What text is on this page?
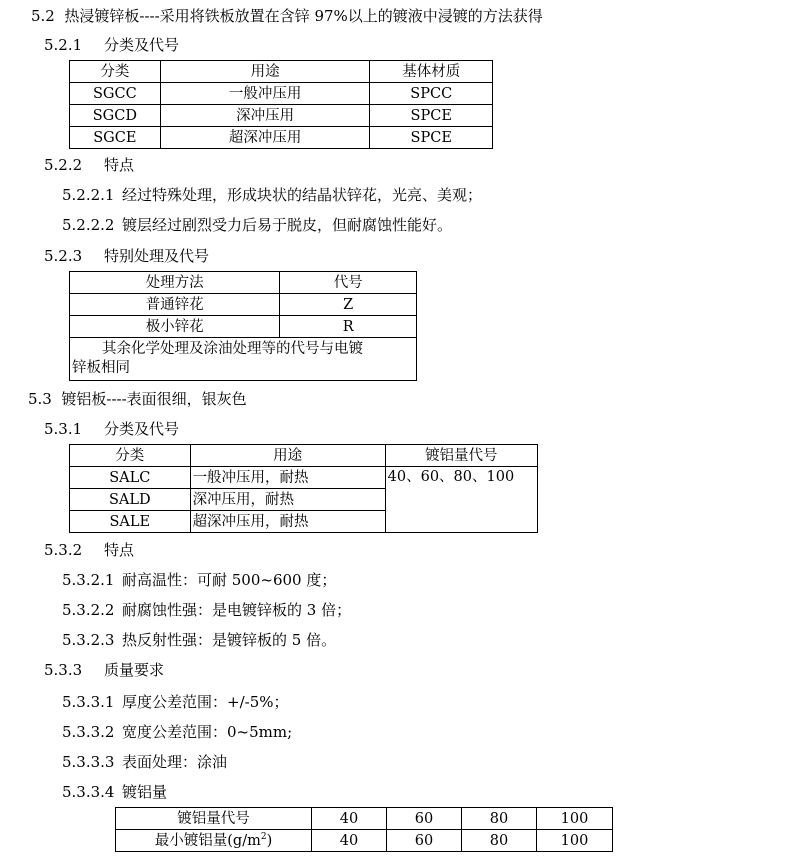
5.2 热浸镀锌板----采用将铁板放置在含锌 97%以上的镀液中浸镀的方法获得
5.2.1 分类及代号
分类	用途	基体材质
SGCC	一般冲压用	SPCC
SGCD	深冲压用	SPCE
SGCE	超深冲压用	SPCE
5.2.2 特点
5.2.2.1 经过特殊处理，形成块状的结晶状锌花，光亮、美观；
5.2.2.2 镀层经过剧烈受力后易于脱皮，但耐腐蚀性能好。
5.2.3 特别处理及代号
处理方法	代号
普通锌花	Z
极小锌花	R

其余化学处理及涂油处理等的代号与电镀
锌板相同	
5.3 镀铝板----表面很细，银灰色
5.3.1 分类及代号
分类	用途	镀铝量代号
SALC	一般冲压用，耐热	40、60、80、100
SALD	深冲压用，耐热	
SALE	超深冲压用，耐热	
5.3.2 特点
5.3.2.1 耐高温性：可耐 500~600 度；
5.3.2.2 耐腐蚀性强：是电镀锌板的 3 倍；
5.3.2.3 热反射性强：是镀锌板的 5 倍。
5.3.3 质量要求
5.3.3.1 厚度公差范围：+/-5%；
5.3.3.2 宽度公差范围：0~5mm;
5.3.3.3 表面处理：涂油
5.3.3.4 镀铝量
镀铝量代号	40	60	80	100
最小镀铝量$(g/m^2)$	40	60	80	100
